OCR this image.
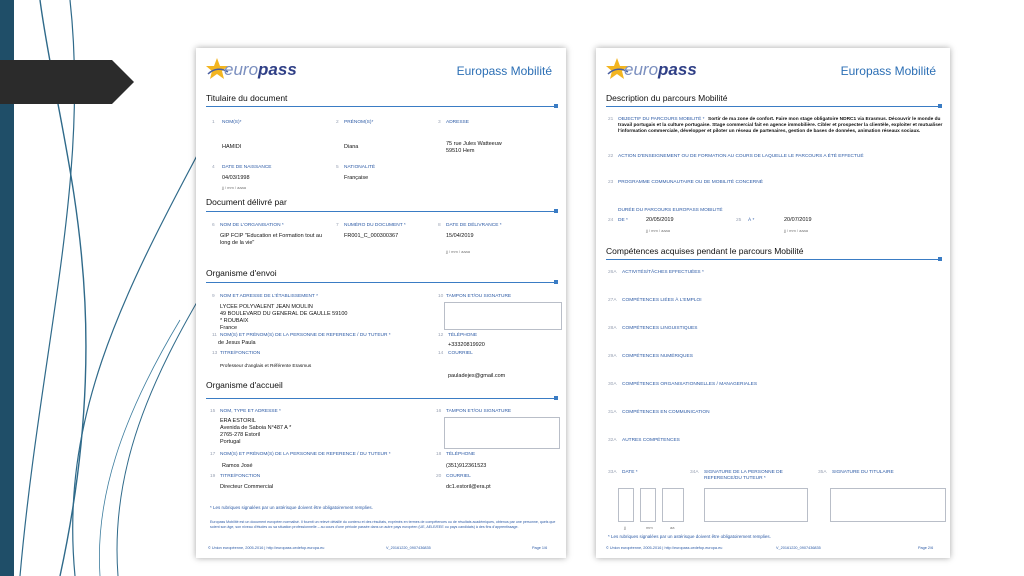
europass	Europass Mobilité
Titulaire du document
1 NOM(S)*
HAMIDI
2 PRÉNOM(S)*
Diana
3 ADRESSE
75 rue Jules Watteeuw
59510 Hem
4 DATE DE NAISSANCE
04/03/1998
jj / mm / aaaa
5 NATIONALITÉ
Française
Document délivré par
6 NOM DE L'ORGANISATION *
GIP FCIP "Education et Formation tout au
long de la vie"
7 NUMÉRO DU DOCUMENT *
FR001_C_000300367
8 DATE DE DÉLIVRANCE *
15/04/2019
jj / mm / aaaa
Organisme d'envoi
9 NOM ET ADRESSE DE L'ÉTABLISSEMENT *
LYCEE POLYVALENT JEAN MOULIN
49 BOULEVARD DU GENERAL DE GAULLE 59100
* ROUBAIX
France
10 TAMPON ET/OU SIGNATURE
11 NOM(S) ET PRÉNOM(S) DE LA PERSONNE DE REFERENCE / DU TUTEUR *
de Jesus Paula
12 TÉLÉPHONE
+33320819920
13 TITRE/FONCTION
Professeur d'anglais et Référente Erasmus
14 COURRIEL
pauladejes@gmail.com
Organisme d'accueil
15 NOM, TYPE ET ADRESSE *
ERA ESTORIL
Avenida de Saboia N°487 A *
2765-278 Estoril
Portugal
16 TAMPON ET/OU SIGNATURE
17 NOM(S) ET PRÉNOM(S) DE LA PERSONNE DE REFERENCE / DU TUTEUR *
Ramos José
18 TÉLÉPHONE
(351)912361523
19 TITRE/FONCTION
Directeur Commercial
20 COURRIEL
dc1.estoril@era.pt
* Les rubriques signalées par un astérisque doivent être obligatoirement remplies.
Europass Mobilité est un document européen normalisé. Il fournit un relevé détaillé du contenu et des résultats, exprimés en termes de compétences ou de résultats académiques, obtenus par une personne, quels que soient son âge, son niveau d'études ou sa situation professionnelle – au cours d'une période passée dans un autre pays européen (UE, AELE/EEE ou pays candidats) à des fins d'apprentissage.
© Union européenne, 2005-2016 | http://europass.cedefop.europa.eu	V_20161220_0907436835	Page 1/6
europass	Europass Mobilité
Description du parcours Mobilité
21 OBJECTIF DU PARCOURS MOBILITÉ * Sortir de ma zone de confort. Faire mon stage obligatoire NDRC1 via Erasmus. Découvrir le monde du travail portugais et la culture portugaise. Stage commercial fait en agence immobilière. Cibler et prospecter la clientèle, exploiter et mutualiser l'information commerciale, développer et piloter un réseau de partenaires, gestion de bases de données, animation réseaux sociaux.
22 ACTION D'ENSEIGNEMENT OU DE FORMATION AU COURS DE LAQUELLE LE PARCOURS A ÉTÉ EFFECTUÉ
23 PROGRAMME COMMUNAUTAIRE OU DE MOBILITÉ CONCERNÉ
DURÉE DU PARCOURS EUROPASS MOBILITÉ
24 DE *	20/05/2019
jj / mm / aaaa
25 À *	20/07/2019
jj / mm / aaaa
Compétences acquises pendant le parcours Mobilité
26A ACTIVITÉS/TÂCHES EFFECTUÉES *
27A COMPÉTENCES LIÉES À L'EMPLOI
28A COMPÉTENCES LINGUISTIQUES
29A COMPÉTENCES NUMÉRIQUES
30A COMPÉTENCES ORGANISATIONNELLES / MANAGERIALES
31A COMPÉTENCES EN COMMUNICATION
32A AUTRES COMPÉTENCES
33A DATE *	34A SIGNATURE DE LA PERSONNE DE REFERENCE/DU TUTEUR *
35A SIGNATURE DU TITULAIRE
jj	mm	aa
* Les rubriques signalées par un astérisque doivent être obligatoirement remplies.
© Union européenne, 2005-2016 | http://europass.cedefop.europa.eu	V_20161220_0907436835	Page 2/6
